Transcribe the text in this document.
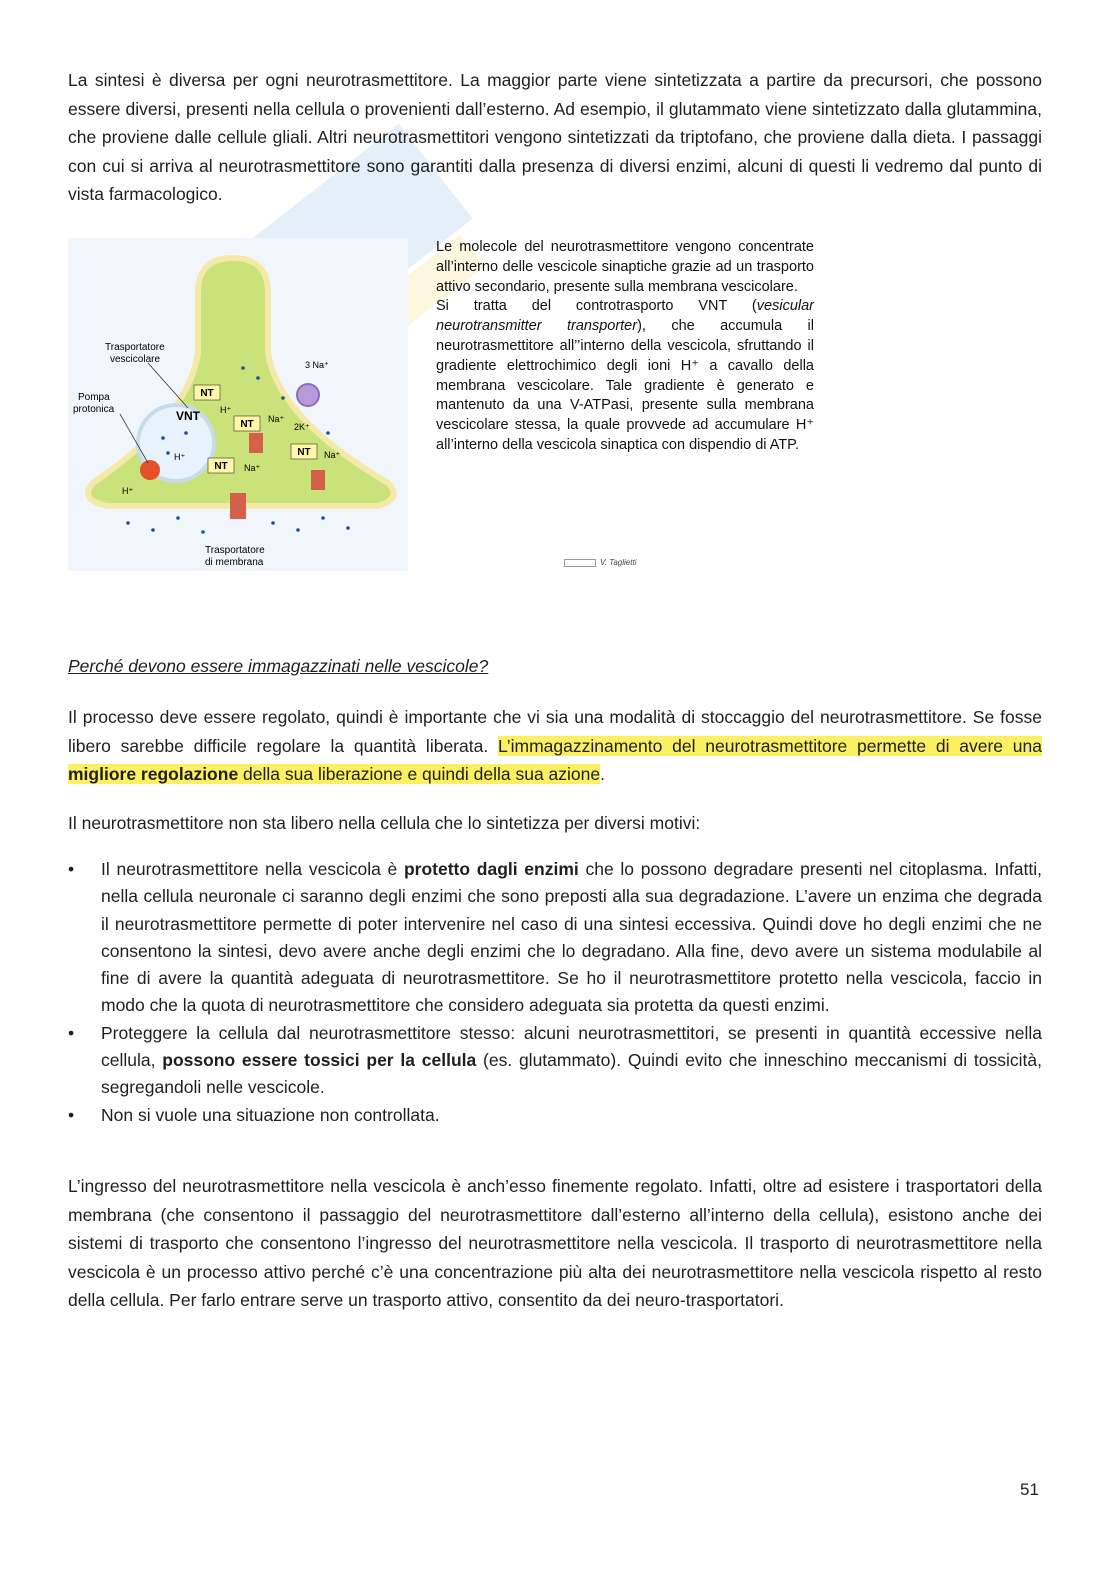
La sintesi è diversa per ogni neurotrasmettitore. La maggior parte viene sintetizzata a partire da precursori, che possono essere diversi, presenti nella cellula o provenienti dall’esterno. Ad esempio, il glutammato viene sintetizzato dalla glutammina, che proviene dalle cellule gliali. Altri neurotrasmettitori vengono sintetizzati da triptofano, che proviene dalla dieta. I passaggi con cui si arriva al neurotrasmettitore sono garantiti dalla presenza di diversi enzimi, alcuni di questi li vedremo dal punto di vista farmacologico.

NT
NT
NT
NT
VNT H⁺
H⁺
H⁺
Na⁺
Na⁺
Na⁺
3 Na⁺
2K⁺
Trasportatore
vescicolare
Pompa
protonica
Trasportatore
di membrana

Le molecole del neurotrasmettitore vengono concentrate all’interno delle vescicole sinaptiche grazie ad un trasporto attivo secondario, presente sulla membrana vescicolare.
Si tratta del controtrasporto VNT (vesicular neurotransmitter transporter), che accumula il neurotrasmettitore all’’interno della vescicola, sfruttando il gradiente elettrochimico degli ioni H⁺ a cavallo della membrana vescicolare. Tale gradiente è generato e mantenuto da una V-ATPasi, presente sulla membrana vescicolare stessa, la quale provvede ad accumulare H⁺ all’interno della vescicola sinaptica con dispendio di ATP.

V. Taglietti

Perché devono essere immagazzinati nelle vescicole?

Il processo deve essere regolato, quindi è importante che vi sia una modalità di stoccaggio del neurotrasmettitore. Se fosse libero sarebbe difficile regolare la quantità liberata. L’immagazzinamento del neurotrasmettitore permette di avere una migliore regolazione della sua liberazione e quindi della sua azione.

Il neurotrasmettitore non sta libero nella cellula che lo sintetizza per diversi motivi:

• Il neurotrasmettitore nella vescicola è protetto dagli enzimi che lo possono degradare presenti nel citoplasma. Infatti, nella cellula neuronale ci saranno degli enzimi che sono preposti alla sua degradazione. L’avere un enzima che degrada il neurotrasmettitore permette di poter intervenire nel caso di una sintesi eccessiva. Quindi dove ho degli enzimi che ne consentono la sintesi, devo avere anche degli enzimi che lo degradano. Alla fine, devo avere un sistema modulabile al fine di avere la quantità adeguata di neurotrasmettitore. Se ho il neurotrasmettitore protetto nella vescicola, faccio in modo che la quota di neurotrasmettitore che considero adeguata sia protetta da questi enzimi.
• Proteggere la cellula dal neurotrasmettitore stesso: alcuni neurotrasmettitori, se presenti in quantità eccessive nella cellula, possono essere tossici per la cellula (es. glutammato). Quindi evito che inneschino meccanismi di tossicità, segregandoli nelle vescicole.
• Non si vuole una situazione non controllata.

L’ingresso del neurotrasmettitore nella vescicola è anch’esso finemente regolato. Infatti, oltre ad esistere i trasportatori della membrana (che consentono il passaggio del neurotrasmettitore dall’esterno all’interno della cellula), esistono anche dei sistemi di trasporto che consentono l’ingresso del neurotrasmettitore nella vescicola. Il trasporto di neurotrasmettitore nella vescicola è un processo attivo perché c’è una concentrazione più alta dei neurotrasmettitore nella vescicola rispetto al resto della cellula. Per farlo entrare serve un trasporto attivo, consentito da dei neuro-trasportatori.

51
